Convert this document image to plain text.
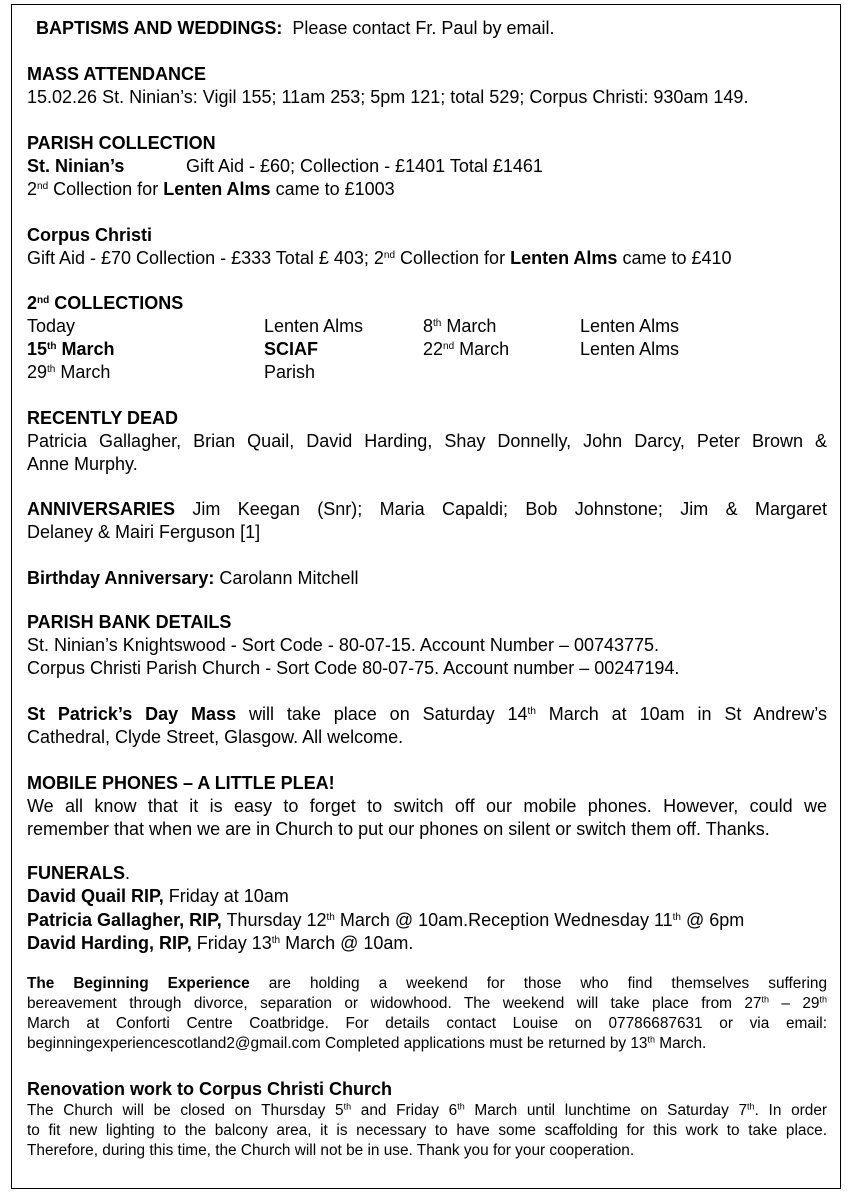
BAPTISMS AND WEDDINGS: Please contact Fr. Paul by email.
MASS ATTENDANCE
15.02.26 St. Ninian’s: Vigil 155; 11am 253; 5pm 121; total 529; Corpus Christi: 930am 149.
PARISH COLLECTION
St. Ninian’s	Gift Aid - £60; Collection - £1401 Total £1461
2nd Collection for Lenten Alms came to £1003
Corpus Christi
Gift Aid - £70 Collection - £333 Total £ 403; 2nd Collection for Lenten Alms came to £410
2nd COLLECTIONS
Today	Lenten Alms	8th March	Lenten Alms
15th March	SCIAF	22nd March	Lenten Alms
29th March	Parish
RECENTLY DEAD
Patricia Gallagher, Brian Quail, David Harding, Shay Donnelly, John Darcy, Peter Brown &
Anne Murphy.
ANNIVERSARIES Jim Keegan (Snr); Maria Capaldi; Bob Johnstone; Jim & Margaret
Delaney & Mairi Ferguson [1]
Birthday Anniversary: Carolann Mitchell
PARISH BANK DETAILS
St. Ninian’s Knightswood - Sort Code - 80-07-15. Account Number – 00743775.
Corpus Christi Parish Church - Sort Code 80-07-75. Account number – 00247194.
St Patrick’s Day Mass will take place on Saturday 14th March at 10am in St Andrew’s
Cathedral, Clyde Street, Glasgow. All welcome.
MOBILE PHONES – A LITTLE PLEA!
We all know that it is easy to forget to switch off our mobile phones. However, could we
remember that when we are in Church to put our phones on silent or switch them off. Thanks.
FUNERALS.
David Quail RIP, Friday at 10am
Patricia Gallagher, RIP, Thursday 12th March @ 10am.Reception Wednesday 11th @ 6pm
David Harding, RIP, Friday 13th March @ 10am.
The Beginning Experience are holding a weekend for those who find themselves suffering
bereavement through divorce, separation or widowhood. The weekend will take place from 27th – 29th
March at Conforti Centre Coatbridge. For details contact Louise on 07786687631 or via email:
beginningexperiencescotland2@gmail.com Completed applications must be returned by 13th March.
Renovation work to Corpus Christi Church
The Church will be closed on Thursday 5th and Friday 6th March until lunchtime on Saturday 7th. In order
to fit new lighting to the balcony area, it is necessary to have some scaffolding for this work to take place.
Therefore, during this time, the Church will not be in use. Thank you for your cooperation.
